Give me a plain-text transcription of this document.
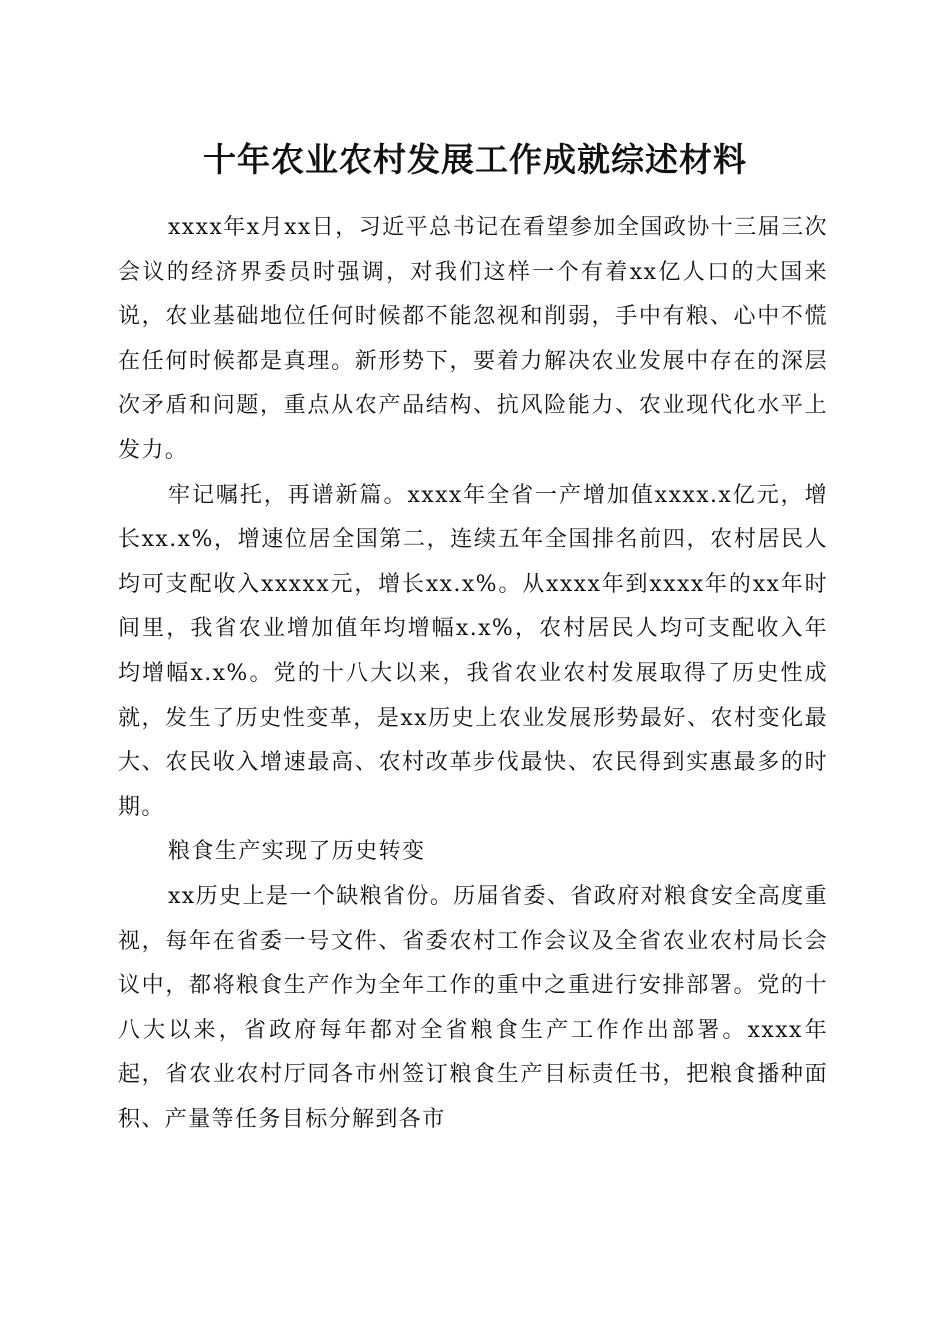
十年农业农村发展工作成就综述材料

xxxx年x月xx日，习近平总书记在看望参加全国政协十三届三次会议的经济界委员时强调，对我们这样一个有着xx亿人口的大国来说，农业基础地位任何时候都不能忽视和削弱，手中有粮、心中不慌在任何时候都是真理。新形势下，要着力解决农业发展中存在的深层次矛盾和问题，重点从农产品结构、抗风险能力、农业现代化水平上发力。

牢记嘱托，再谱新篇。xxxx年全省一产增加值xxxx.x亿元，增长xx.x%，增速位居全国第二，连续五年全国排名前四，农村居民人均可支配收入xxxxx元，增长xx.x%。从xxxx年到xxxx年的xx年时间里，我省农业增加值年均增幅x.x%，农村居民人均可支配收入年均增幅x.x%。党的十八大以来，我省农业农村发展取得了历史性成就，发生了历史性变革，是xx历史上农业发展形势最好、农村变化最大、农民收入增速最高、农村改革步伐最快、农民得到实惠最多的时期。

粮食生产实现了历史转变

xx历史上是一个缺粮省份。历届省委、省政府对粮食安全高度重视，每年在省委一号文件、省委农村工作会议及全省农业农村局长会议中，都将粮食生产作为全年工作的重中之重进行安排部署。党的十八大以来，省政府每年都对全省粮食生产工作作出部署。xxxx年起，省农业农村厅同各市州签订粮食生产目标责任书，把粮食播种面积、产量等任务目标分解到各市
